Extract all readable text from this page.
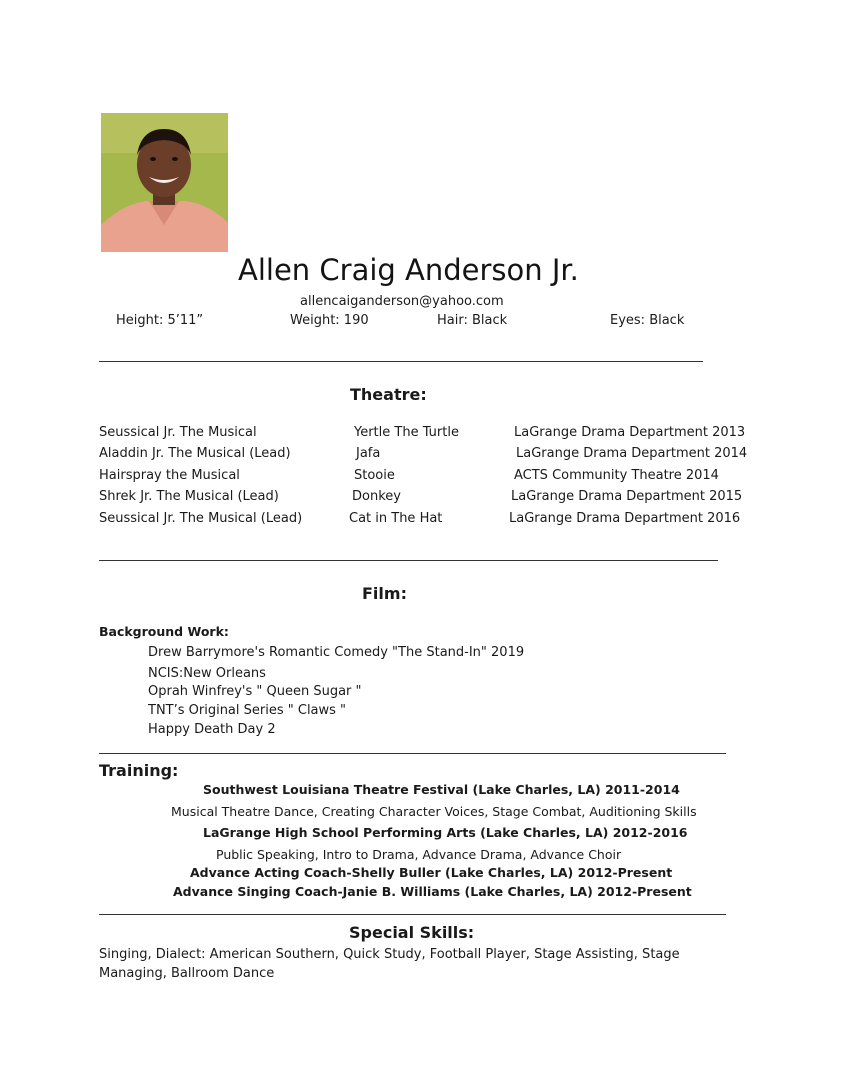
Allen Craig Anderson Jr.
allencaiganderson@yahoo.com
Height: 5’11”	Weight: 190	Hair: Black	Eyes: Black
Theatre:
Seussical Jr. The Musical	Yertle The Turtle	LaGrange Drama Department 2013
Aladdin Jr. The Musical (Lead)	Jafa	LaGrange Drama Department 2014
Hairspray the Musical	Stooie	ACTS Community Theatre 2014
Shrek Jr. The Musical (Lead)	Donkey	LaGrange Drama Department 2015
Seussical Jr. The Musical (Lead)	Cat in The Hat	LaGrange Drama Department 2016
Film:
Background Work:
Drew Barrymore's Romantic Comedy "The Stand-In" 2019
NCIS:New Orleans
Oprah Winfrey's " Queen Sugar "
TNT’s Original Series " Claws "
Happy Death Day 2
Training:
Southwest Louisiana Theatre Festival (Lake Charles, LA) 2011-2014
Musical Theatre Dance, Creating Character Voices, Stage Combat, Auditioning Skills
LaGrange High School Performing Arts (Lake Charles, LA) 2012-2016
Public Speaking, Intro to Drama, Advance Drama, Advance Choir
Advance Acting Coach-Shelly Buller (Lake Charles, LA) 2012-Present
Advance Singing Coach-Janie B. Williams (Lake Charles, LA) 2012-Present
Special Skills:
Singing, Dialect: American Southern, Quick Study, Football Player, Stage Assisting, Stage Managing, Ballroom Dance
